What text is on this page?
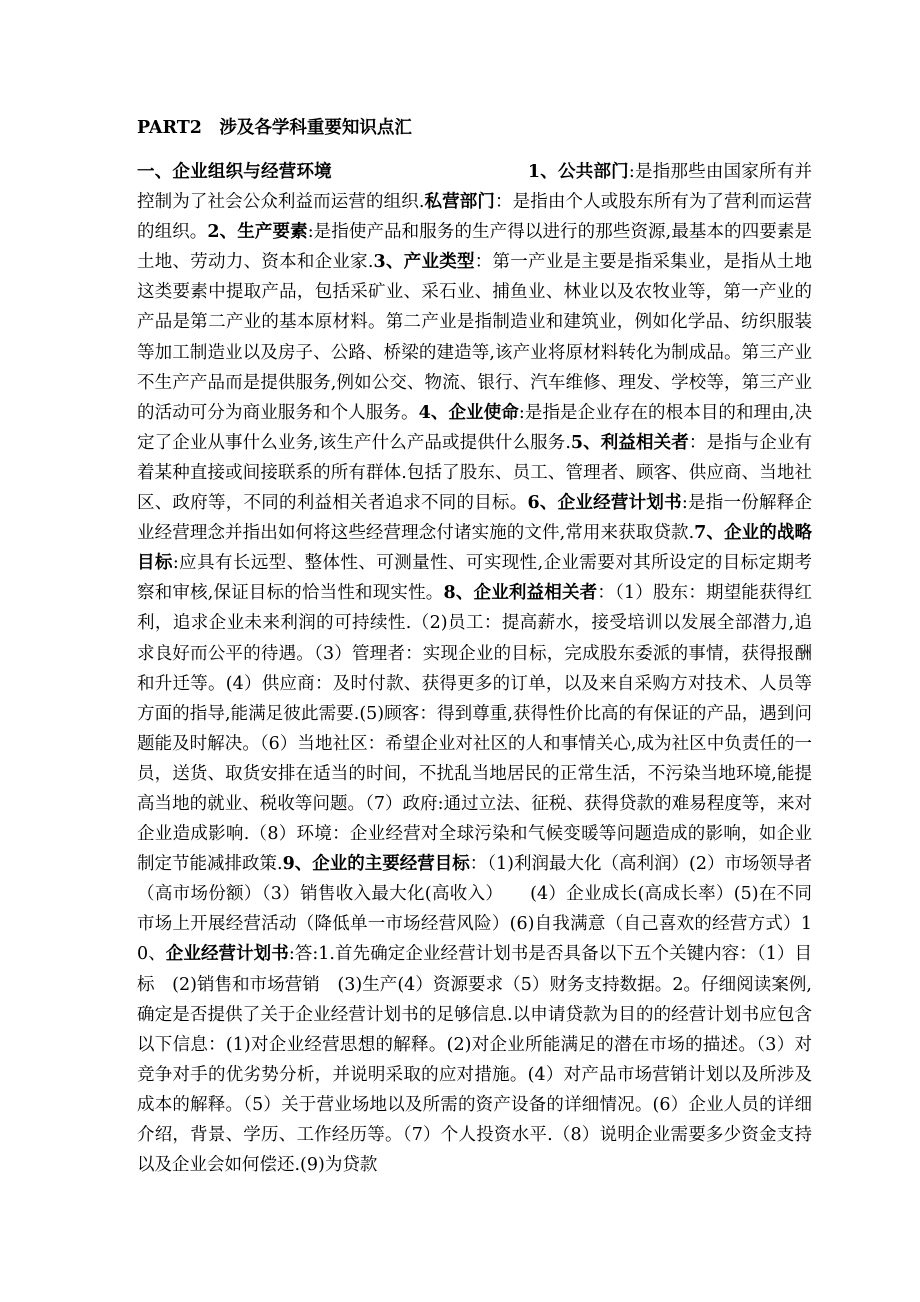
PART2　涉及各学科重要知识点汇

一、企业组织与经营环境	1、公共部门:是指那些由国家所有并控制为了社会公众利益而运营的组织.私营部门：是指由个人或股东所有为了营利而运营的组织。2、生产要素:是指使产品和服务的生产得以进行的那些资源,最基本的四要素是土地、劳动力、资本和企业家.3、产业类型：第一产业是主要是指采集业，是指从土地这类要素中提取产品，包括采矿业、采石业、捕鱼业、林业以及农牧业等，第一产业的产品是第二产业的基本原材料。第二产业是指制造业和建筑业，例如化学品、纺织服装等加工制造业以及房子、公路、桥梁的建造等,该产业将原材料转化为制成品。第三产业不生产产品而是提供服务,例如公交、物流、银行、汽车维修、理发、学校等，第三产业的活动可分为商业服务和个人服务。4、企业使命:是指是企业存在的根本目的和理由,决定了企业从事什么业务,该生产什么产品或提供什么服务.5、利益相关者：是指与企业有着某种直接或间接联系的所有群体.包括了股东、员工、管理者、顾客、供应商、当地社区、政府等，不同的利益相关者追求不同的目标。6、企业经营计划书:是指一份解释企业经营理念并指出如何将这些经营理念付诸实施的文件,常用来获取贷款.7、企业的战略目标:应具有长远型、整体性、可测量性、可实现性,企业需要对其所设定的目标定期考察和审核,保证目标的恰当性和现实性。8、企业利益相关者：（1）股东：期望能获得红利，追求企业未来利润的可持续性.（2)员工：提高薪水，接受培训以发展全部潜力,追求良好而公平的待遇。（3）管理者：实现企业的目标，完成股东委派的事情，获得报酬和升迁等。(4）供应商：及时付款、获得更多的订单，以及来自采购方对技术、人员等方面的指导,能满足彼此需要.(5)顾客：得到尊重,获得性价比高的有保证的产品，遇到问题能及时解决。（6）当地社区：希望企业对社区的人和事情关心,成为社区中负责任的一员，送货、取货安排在适当的时间，不扰乱当地居民的正常生活，不污染当地环境,能提高当地的就业、税收等问题。（7）政府:通过立法、征税、获得贷款的难易程度等，来对企业造成影响.（8）环境：企业经营对全球污染和气候变暖等问题造成的影响，如企业制定节能减排政策.9、企业的主要经营目标：（1)利润最大化（高利润）(2）市场领导者（高市场份额）（3）销售收入最大化(高收入）　　(4）企业成长(高成长率）(5)在不同市场上开展经营活动（降低单一市场经营风险）(6)自我满意（自己喜欢的经营方式）10、企业经营计划书:答:1.首先确定企业经营计划书是否具备以下五个关键内容：（1）目标　(2)销售和市场营销　(3)生产(4）资源要求（5）财务支持数据。2。仔细阅读案例,确定是否提供了关于企业经营计划书的足够信息.以申请贷款为目的的经营计划书应包含以下信息：(1)对企业经营思想的解释。(2)对企业所能满足的潜在市场的描述。（3）对竞争对手的优劣势分析，并说明采取的应对措施。(4）对产品市场营销计划以及所涉及成本的解释。（5）关于营业场地以及所需的资产设备的详细情况。(6）企业人员的详细介绍，背景、学历、工作经历等。（7）个人投资水平.（8）说明企业需要多少资金支持以及企业会如何偿还.(9)为贷款
